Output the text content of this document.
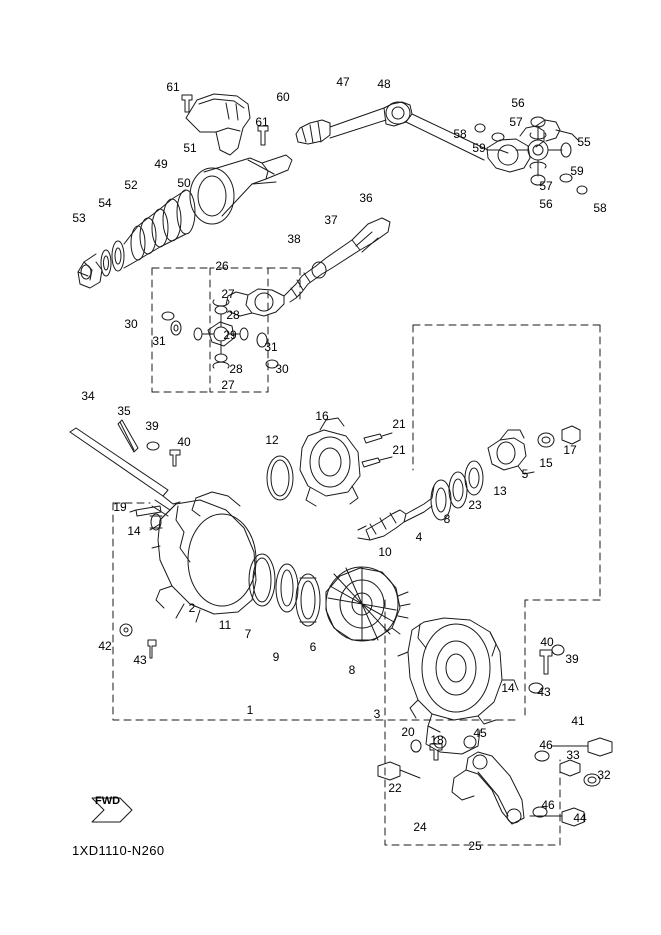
1XD1110-N260
FWD
61
60
47 48
56
57
58
61
59	55
51
49
57
59
52	50
56	58
54	36
53	37
38
26
27
28
30
29
31	31
30
28
27
34
35
39
16
21
17
40
21
15
12
5
13
23
19
14
8
4
10
2
11
7
9
6
8
42
43
40
39
14 43
1	3	41
20
18 45
46
33
32
22
46
24
44
25
